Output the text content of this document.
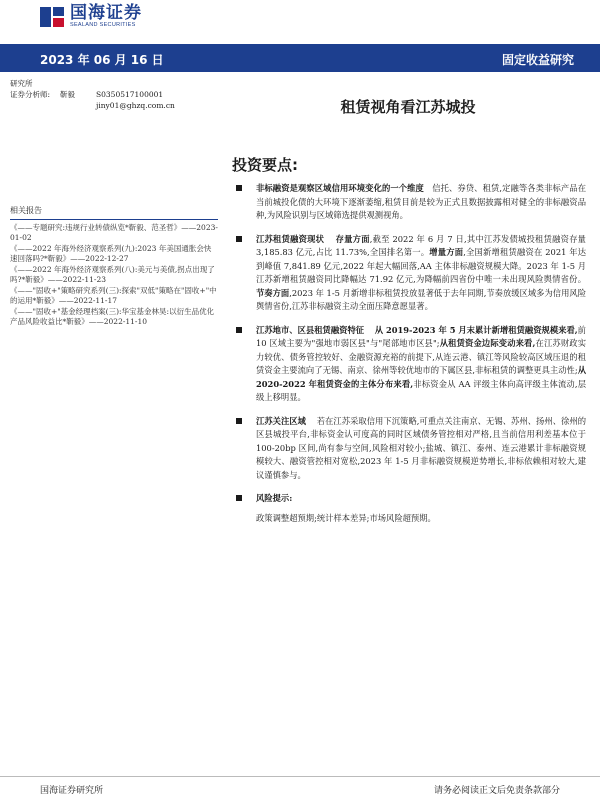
国海证券
SEALAND SECURITIES
2023 年 06 月 16 日	固定收益研究
研究所
证券分析师:	靳毅	S0350517100001
jiny01@ghzq.com.cn
相关报告
《——专题研究:违规行业转债纵览*靳毅、范圣哲》——2023-01-02
《——2022 年海外经济观察系列(九):2023 年美国通胀会快速回落吗?*靳毅》——2022-12-27
《——2022 年海外经济观察系列(八):美元与美债,拐点出现了吗?*靳毅》——2022-11-23
《——"固收+"策略研究系列(三):探索"双低"策略在"固收+"中的运用*靳毅》——2022-11-17
《——"固收+"基金经理档案(三):华宝基金林昊:以衍生品优化产品风险收益比*靳毅》——2022-11-10
租赁视角看江苏城投
投资要点:
非标融资是观察区域信用环境变化的一个维度 信托、券贷、租赁,定融等各类非标产品在当前城投化债的大环境下逐渐萎缩,租赁目前是较为正式且数据披露相对健全的非标融资品种,为风险识别与区域筛选提供观测视角。
江苏租赁融资现状 存量方面,截至 2022 年 6 月 7 日,其中江苏发债城投租赁融资存量 3,185.83 亿元,占比 11.73%,全国排名第一。增量方面,全国新增租赁融资在 2021 年达到峰值 7,841.89 亿元,2022 年起大幅回落,AA 主体非标融资规模大降。2023 年 1-5 月江苏新增租赁融资同比降幅达 71.92 亿元,为降幅前四省份中唯一未出现风险舆情省份。节奏方面,2023 年 1-5 月新增非标租赁投放显著低于去年同期,节奏放缓区域多为信用风险舆情省份,江苏非标融资主动全面压降意愿显著。
江苏地市、区县租赁融资特征 从 2019-2023 年 5 月末累计新增租赁融资规模来看,前 10 区域主要为"强地市弱区县"与"尾部地市区县";从租赁资金边际变动来看,在江苏财政实力较优、债务管控较好、金融资源充裕的前提下,从连云港、镇江等风险较高区域压退的租赁资金主要流向了无锡、南京、徐州等较优地市的下属区县,非标租赁的调整更具主动性;从 2020-2022 年租赁资金的主体分布来看,非标资金从 AA 评级主体向高评级主体流动,层级上移明显。
江苏关注区域 若在江苏采取信用下沉策略,可重点关注南京、无锡、苏州、扬州、徐州的区县城投平台,非标资金认可度高的同时区域债务管控相对严格,且当前信用利差基本位于 100-20bp 区间,尚有参与空间,风险相对较小;盐城、镇江、泰州、连云港累计非标融资规模较大、融资管控相对宽松,2023 年 1-5 月非标融资规模逆势增长,非标依赖相对较大,建议谨慎参与。
风险提示:
政策调整超预期;统计样本差异;市场风险超预期。
国海证券研究所	请务必阅读正文后免责条款部分
